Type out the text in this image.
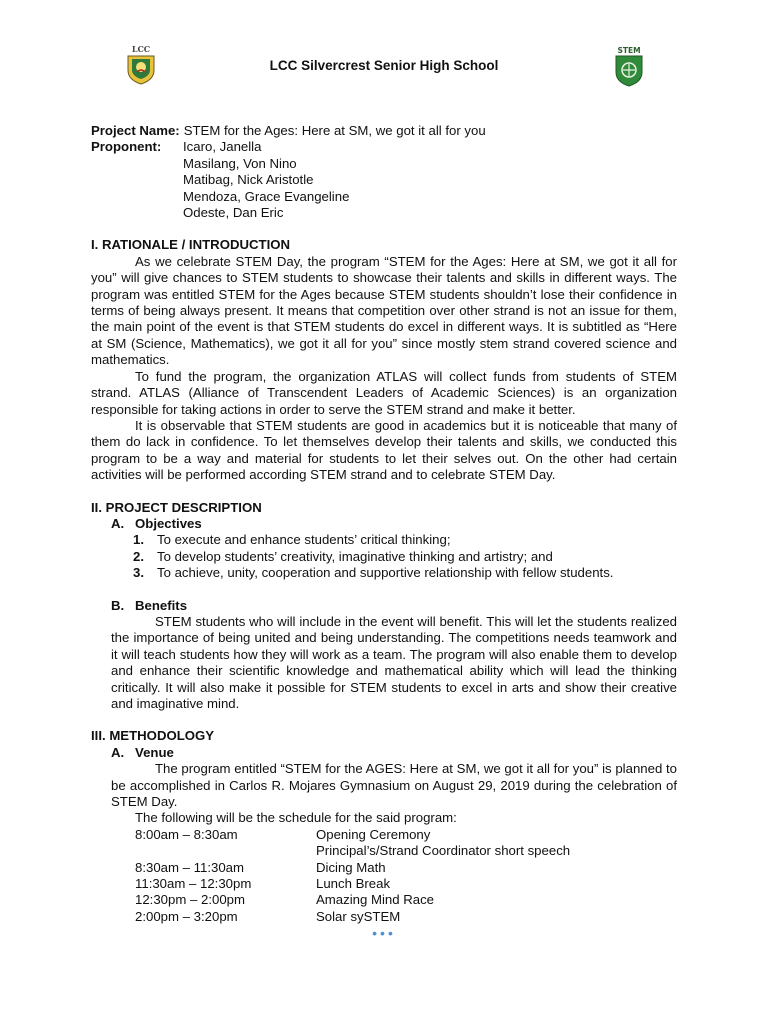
LCC	STEM
LCC Silvercrest Senior High School
Project Name: STEM for the Ages: Here at SM, we got it all for you
Proponent:	Icaro, Janella
Masilang, Von Nino
Matibag, Nick Aristotle
Mendoza, Grace Evangeline
Odeste, Dan Eric
I. RATIONALE / INTRODUCTION

As we celebrate STEM Day, the program “STEM for the Ages: Here at SM, we got it all for you” will give chances to STEM students to showcase their talents and skills in different ways. The program was entitled STEM for the Ages because STEM students shouldn’t lose their confidence in terms of being always present. It means that competition over other strand is not an issue for them, the main point of the event is that STEM students do excel in different ways. It is subtitled as “Here at SM (Science, Mathematics), we got it all for you” since mostly stem strand covered science and mathematics.

To fund the program, the organization ATLAS will collect funds from students of STEM strand. ATLAS (Alliance of Transcendent Leaders of Academic Sciences) is an organization responsible for taking actions in order to serve the STEM strand and make it better.

It is observable that STEM students are good in academics but it is noticeable that many of them do lack in confidence. To let themselves develop their talents and skills, we conducted this program to be a way and material for students to let their selves out. On the other had certain activities will be performed according STEM strand and to celebrate STEM Day.

II. PROJECT DESCRIPTION
A. Objectives
1. To execute and enhance students’ critical thinking;
2. To develop students’ creativity, imaginative thinking and artistry; and
3. To achieve, unity, cooperation and supportive relationship with fellow students.
B. Benefits

STEM students who will include in the event will benefit. This will let the students realized the importance of being united and being understanding. The competitions needs teamwork and it will teach students how they will work as a team. The program will also enable them to develop and enhance their scientific knowledge and mathematical ability which will lead the thinking critically. It will also make it possible for STEM students to excel in arts and show their creative and imaginative mind.

III. METHODOLOGY
A. Venue

The program entitled “STEM for the AGES: Here at SM, we got it all for you” is planned to be accomplished in Carlos R. Mojares Gymnasium on August 29, 2019 during the celebration of STEM Day.

The following will be the schedule for the said program:
8:00am – 8:30am	Opening Ceremony
Principal’s/Strand Coordinator short speech
8:30am – 11:30am	Dicing Math
11:30am – 12:30pm	Lunch Break
12:30pm – 2:00pm	Amazing Mind Race
2:00pm – 3:20pm	Solar sySTEM
•••
